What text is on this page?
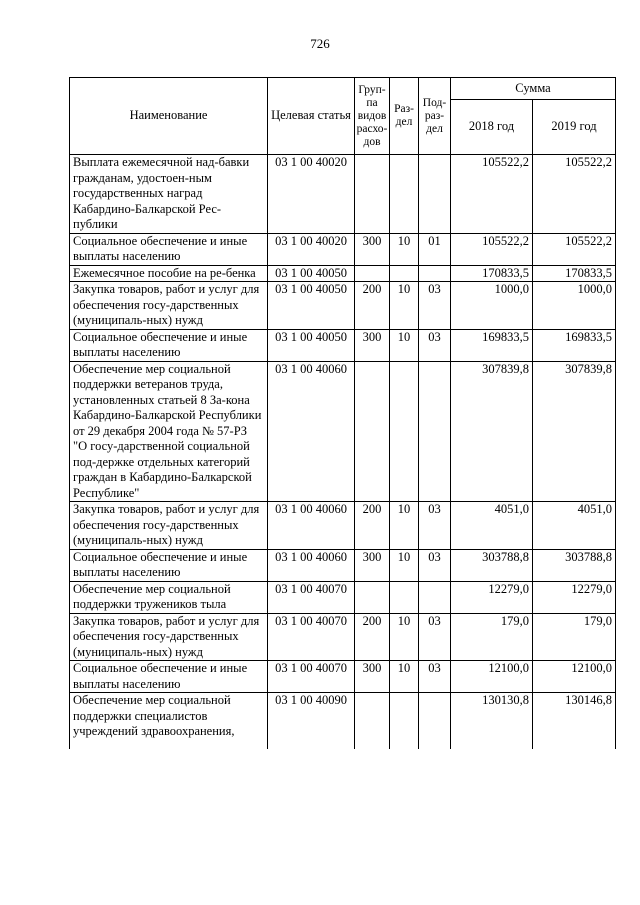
726
Наименование	Целевая статья	Груп-па видов расхо-дов	Раз-дел	Под-раз-дел	Сумма	
					2018 год	2019 год
Выплата ежемесячной над-бавки гражданам, удостоен-ным государственных наград Кабардино-Балкарской Рес-публики	03 1 00 40020				105522,2	105522,2
Социальное обеспечение и иные выплаты населению	03 1 00 40020	300	10	01	105522,2	105522,2
Ежемесячное пособие на ре-бенка	03 1 00 40050				170833,5	170833,5
Закупка товаров, работ и услуг для обеспечения госу-дарственных (муниципаль-ных) нужд	03 1 00 40050	200	10	03	1000,0	1000,0
Социальное обеспечение и иные выплаты населению	03 1 00 40050	300	10	03	169833,5	169833,5
Обеспечение мер социальной поддержки ветеранов труда, установленных статьей 8 За-кона Кабардино-Балкарской Республики от 29 декабря 2004 года № 57-РЗ "О госу-дарственной социальной под-держке отдельных категорий граждан в Кабардино-Балкарской Республике"	03 1 00 40060				307839,8	307839,8
Закупка товаров, работ и услуг для обеспечения госу-дарственных (муниципаль-ных) нужд	03 1 00 40060	200	10	03	4051,0	4051,0
Социальное обеспечение и иные выплаты населению	03 1 00 40060	300	10	03	303788,8	303788,8
Обеспечение мер социальной поддержки тружеников тыла	03 1 00 40070				12279,0	12279,0
Закупка товаров, работ и услуг для обеспечения госу-дарственных (муниципаль-ных) нужд	03 1 00 40070	200	10	03	179,0	179,0
Социальное обеспечение и иные выплаты населению	03 1 00 40070	300	10	03	12100,0	12100,0
Обеспечение мер социальной поддержки специалистов учреждений здравоохранения,	03 1 00 40090				130130,8	130146,8
